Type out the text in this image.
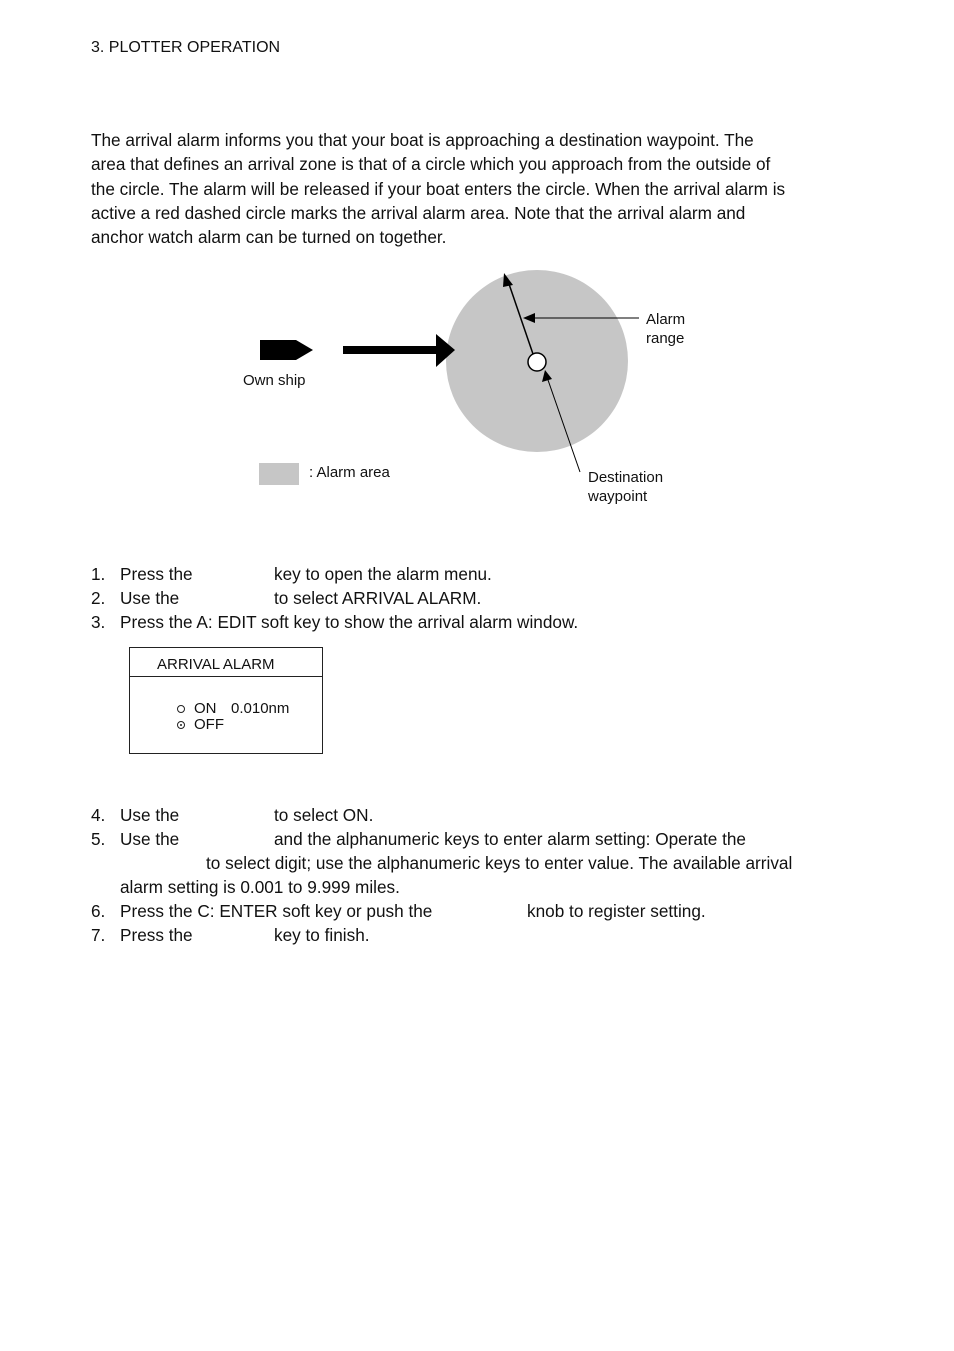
3. PLOTTER OPERATION
The arrival alarm informs you that your boat is approaching a destination waypoint. The
area that defines an arrival zone is that of a circle which you approach from the outside of
the circle. The alarm will be released if your boat enters the circle. When the arrival alarm is
active a red dashed circle marks the arrival alarm area. Note that the arrival alarm and
anchor watch alarm can be turned on together.
Own ship
Alarm
range
Destination
waypoint
: Alarm area
1. Press the	key to open the alarm menu.
2. Use the	to select ARRIVAL ALARM.
3. Press the A: EDIT soft key to show the arrival alarm window.
ARRIVAL ALARM
ON 0.010nm
OFF
4. Use the	to select ON.
5. Use the	and the alphanumeric keys to enter alarm setting: Operate the
to select digit; use the alphanumeric keys to enter value. The available arrival
alarm setting is 0.001 to 9.999 miles.
6. Press the C: ENTER soft key or push the	knob to register setting.
7. Press the	key to finish.
